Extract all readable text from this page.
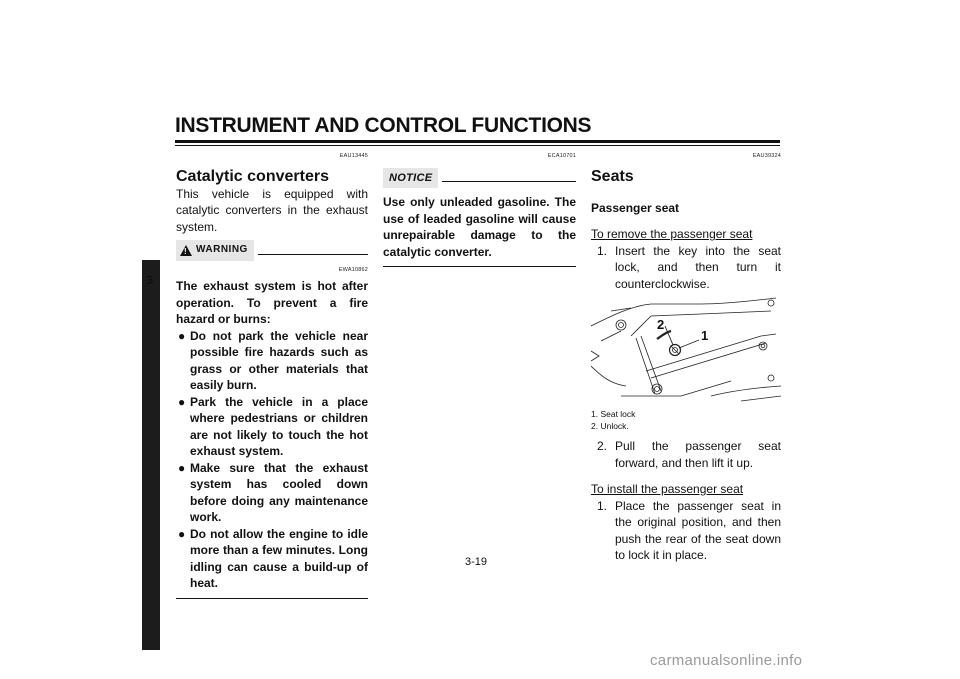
INSTRUMENT AND CONTROL FUNCTIONS
3
EAU13445
Catalytic converters
This vehicle is equipped with catalytic converters in the exhaust system.
! WARNING
EWA10862
The exhaust system is hot after operation. To prevent a fire hazard or burns:
● Do not park the vehicle near possible fire hazards such as grass or other materials that easily burn.
● Park the vehicle in a place where pedestrians or children are not likely to touch the hot exhaust system.
● Make sure that the exhaust system has cooled down before doing any maintenance work.
● Do not allow the engine to idle more than a few minutes. Long idling can cause a build-up of heat.
ECA10701
NOTICE
Use only unleaded gasoline. The use of leaded gasoline will cause unrepairable damage to the catalytic converter.
EAU39324
Seats
Passenger seat
To remove the passenger seat
1. Insert the key into the seat lock, and then turn it counterclockwise.
2
1
1. Seat lock
2. Unlock.
2. Pull the passenger seat forward, and then lift it up.
To install the passenger seat
1. Place the passenger seat in the original position, and then push the rear of the seat down to lock it in place.
3-19
carmanualsonline.info
